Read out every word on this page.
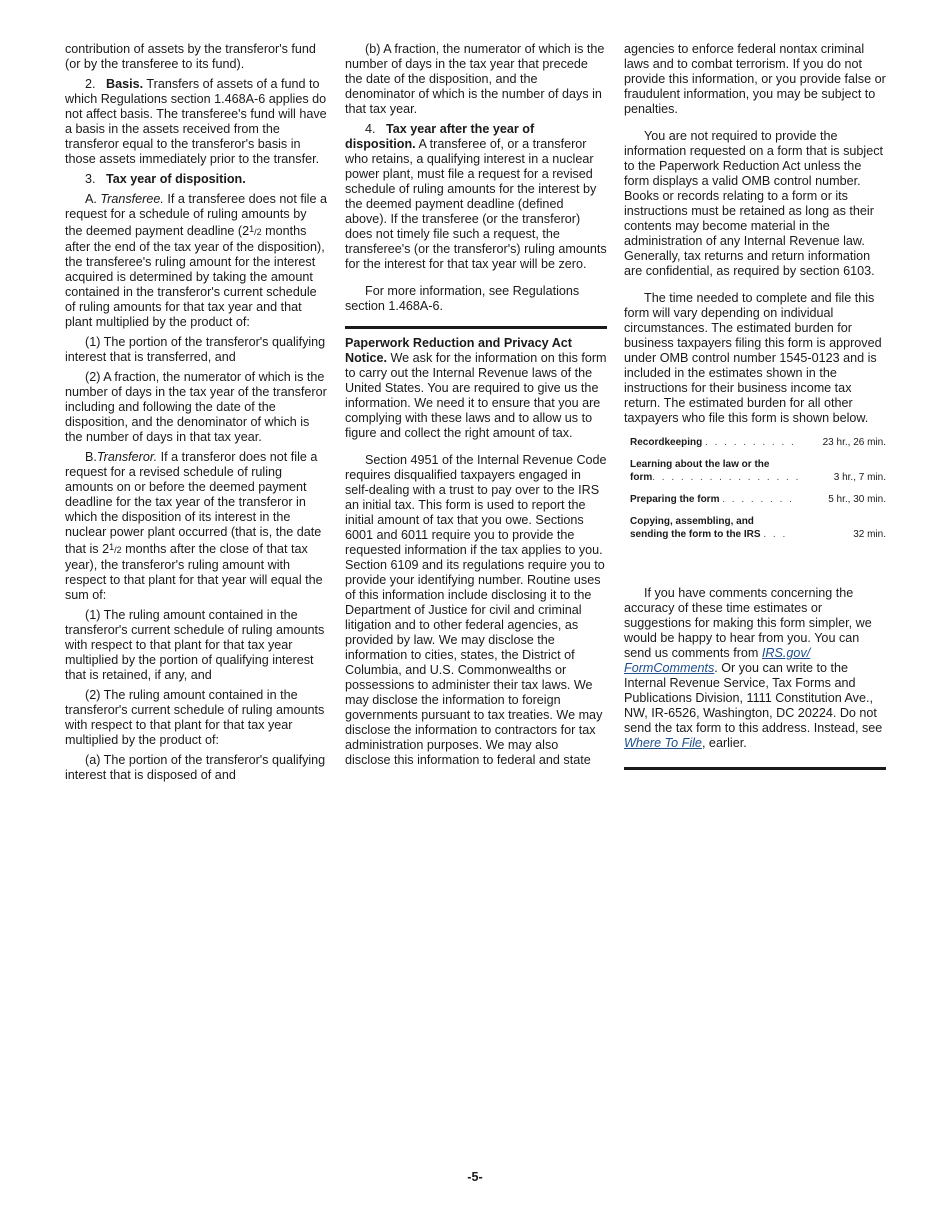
contribution of assets by the transferor's fund (or by the transferee to its fund).

2. Basis. Transfers of assets of a fund to which Regulations section 1.468A-6 applies do not affect basis. The transferee's fund will have a basis in the assets received from the transferor equal to the transferor's basis in those assets immediately prior to the transfer.

3. Tax year of disposition.

A. Transferee. If a transferee does not file a request for a schedule of ruling amounts by the deemed payment deadline ($2^1/2$ months after the end of the tax year of the disposition), the transferee's ruling amount for the interest acquired is determined by taking the amount contained in the transferor's current schedule of ruling amounts for that tax year and that plant multiplied by the product of:

(1) The portion of the transferor's qualifying interest that is transferred, and

(2) A fraction, the numerator of which is the number of days in the tax year of the transferor including and following the date of the disposition, and the denominator of which is the number of days in that tax year.

B.Transferor. If a transferor does not file a request for a revised schedule of ruling amounts on or before the deemed payment deadline for the tax year of the transferor in which the disposition of its interest in the nuclear power plant occurred (that is, the date that is $2^1/2$ months after the close of that tax year), the transferor's ruling amount with respect to that plant for that year will equal the sum of:

(1) The ruling amount contained in the transferor's current schedule of ruling amounts with respect to that plant for that tax year multiplied by the portion of qualifying interest that is retained, if any, and

(2) The ruling amount contained in the transferor's current schedule of ruling amounts with respect to that plant for that tax year multiplied by the product of:

(a) The portion of the transferor's qualifying interest that is disposed of and

(b) A fraction, the numerator of which is the number of days in the tax year that precede the date of the disposition, and the denominator of which is the number of days in that tax year.

4. Tax year after the year of disposition. A transferee of, or a transferor who retains, a qualifying interest in a nuclear power plant, must file a request for a revised schedule of ruling amounts for the interest by the deemed payment deadline (defined above). If the transferee (or the transferor) does not timely file such a request, the transferee's (or the transferor's) ruling amounts for the interest for that tax year will be zero.

For more information, see Regulations section 1.468A-6.

Paperwork Reduction and Privacy Act Notice. We ask for the information on this form to carry out the Internal Revenue laws of the United States. You are required to give us the information. We need it to ensure that you are complying with these laws and to allow us to figure and collect the right amount of tax.

Section 4951 of the Internal Revenue Code requires disqualified taxpayers engaged in self-dealing with a trust to pay over to the IRS an initial tax. This form is used to report the initial amount of tax that you owe. Sections 6001 and 6011 require you to provide the requested information if the tax applies to you. Section 6109 and its regulations require you to provide your identifying number. Routine uses of this information include disclosing it to the Department of Justice for civil and criminal litigation and to other federal agencies, as provided by law. We may disclose the information to cities, states, the District of Columbia, and U.S. Commonwealths or possessions to administer their tax laws. We may disclose the information to foreign governments pursuant to tax treaties. We may disclose the information to contractors for tax administration purposes. We may also disclose this information to federal and state

agencies to enforce federal nontax criminal laws and to combat terrorism. If you do not provide this information, or you provide false or fraudulent information, you may be subject to penalties.

You are not required to provide the information requested on a form that is subject to the Paperwork Reduction Act unless the form displays a valid OMB control number. Books or records relating to a form or its instructions must be retained as long as their contents may become material in the administration of any Internal Revenue law. Generally, tax returns and return information are confidential, as required by section 6103.

The time needed to complete and file this form will vary depending on individual circumstances. The estimated burden for business taxpayers filing this form is approved under OMB control number 1545-0123 and is included in the estimates shown in the instructions for their business income tax return. The estimated burden for all other taxpayers who file this form is shown below.

Recordkeeping . . . . . . . . . .	23 hr., 26 min.
Learning about the law or the
form. . . . . . . . . . . . . . . .	3 hr., 7 min.
Preparing the form . . . . . . . .	5 hr., 30 min.
Copying, assembling, and
sending the form to the IRS . . .	32 min.

If you have comments concerning the accuracy of these time estimates or suggestions for making this form simpler, we would be happy to hear from you. You can send us comments from IRS.gov/ FormComments. Or you can write to the Internal Revenue Service, Tax Forms and Publications Division, 1111 Constitution Ave., NW, IR-6526, Washington, DC 20224. Do not send the tax form to this address. Instead, see Where To File, earlier.

-5-
